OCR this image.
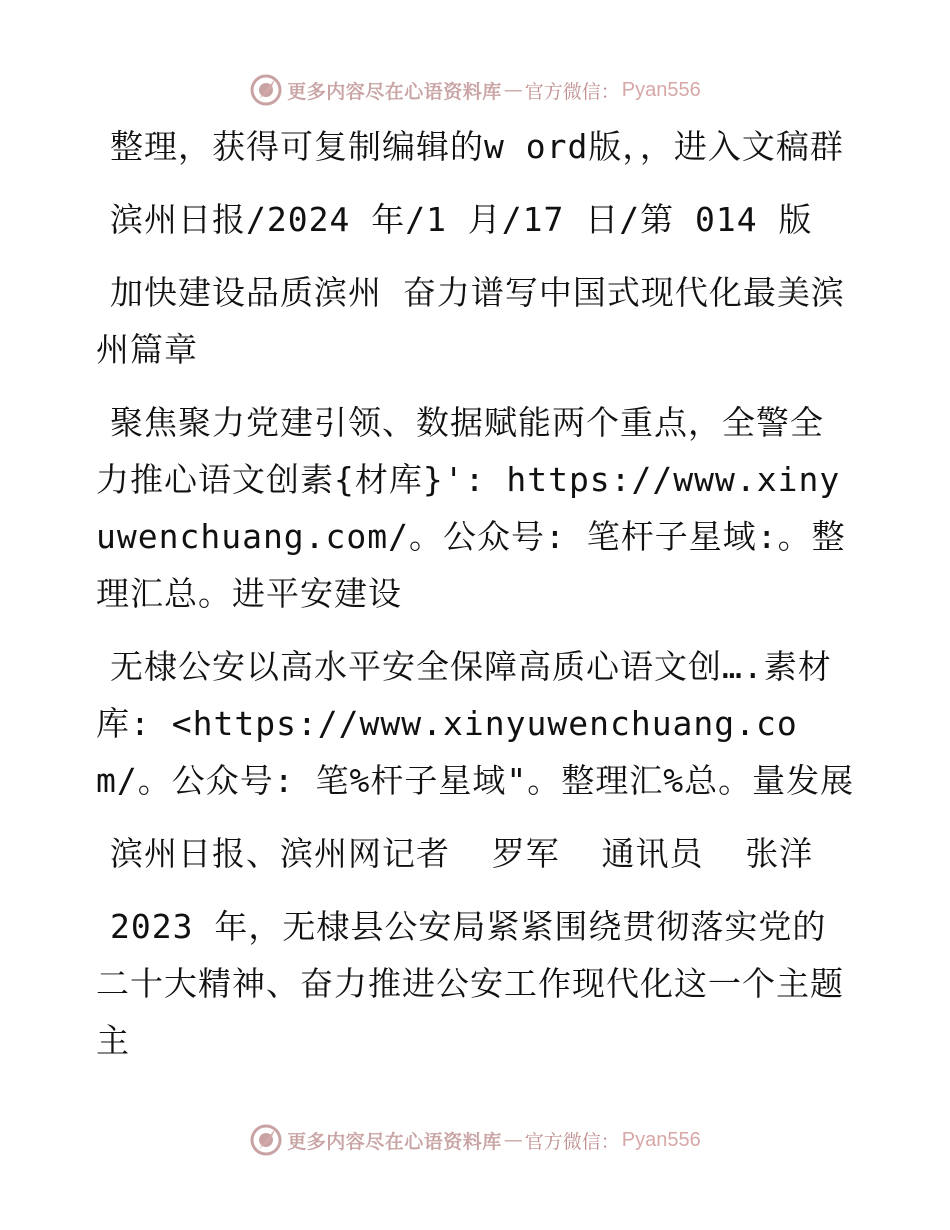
更多内容尽在心语资料库 — 官方微信： Pyan556

整理，获得可复制编辑的w ord版，，进入文稿群

滨州日报/2024 年/1 月/17 日/第 014 版

加快建设品质滨州 奋力谱写中国式现代化最美滨州篇章

聚焦聚力党建引领、数据赋能两个重点，全警全力推心语文创素{材库}': https://www.xinyuwenchuang.com/。公众号: 笔杆子星域:。整理汇总。进平安建设

无棣公安以高水平安全保障高质心语文创….素材库: <https://www.xinyuwenchuang.com/。公众号: 笔%杆子星域"。整理汇%总。量发展

滨州日报、滨州网记者  罗军  通讯员  张洋

2023 年，无棣县公安局紧紧围绕贯彻落实党的二十大精神、奋力推进公安工作现代化这一个主题主

更多内容尽在心语资料库 — 官方微信： Pyan556
